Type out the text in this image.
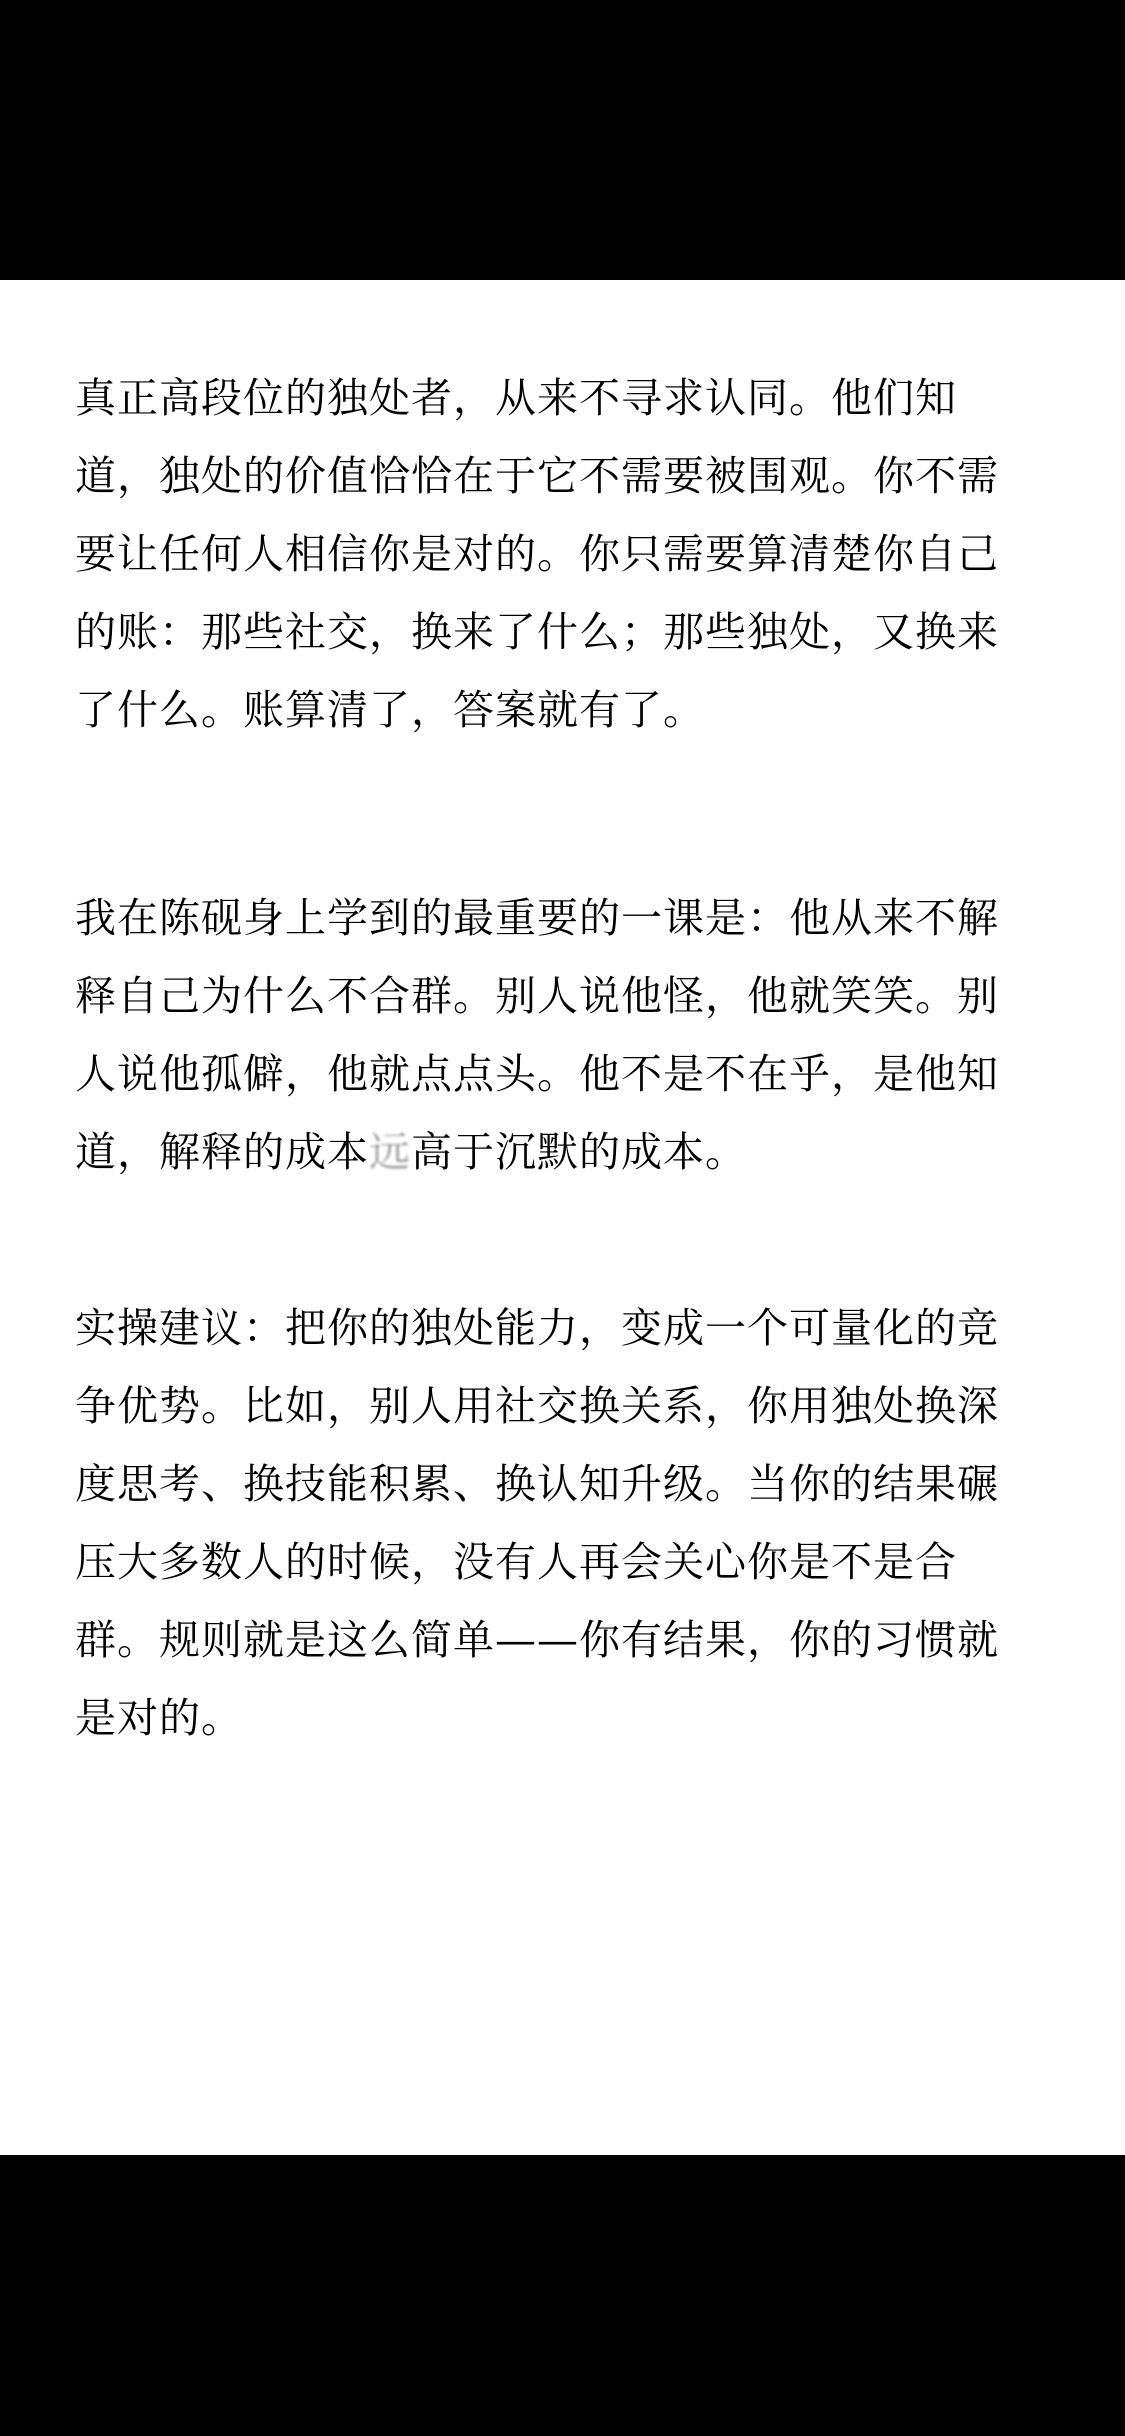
真正高段位的独处者，从来不寻求认同。他们知
道，独处的价值恰恰在于它不需要被围观。你不需
要让任何人相信你是对的。你只需要算清楚你自己
的账：那些社交，换来了什么；那些独处，又换来
了什么。账算清了，答案就有了。

我在陈砚身上学到的最重要的一课是：他从来不解
释自己为什么不合群。别人说他怪，他就笑笑。别
人说他孤僻，他就点点头。他不是不在乎，是他知
道，解释的成本远高于沉默的成本。

实操建议：把你的独处能力，变成一个可量化的竞
争优势。比如，别人用社交换关系，你用独处换深
度思考、换技能积累、换认知升级。当你的结果碾
压大多数人的时候，没有人再会关心你是不是合
群。规则就是这么简单——你有结果，你的习惯就
是对的。
